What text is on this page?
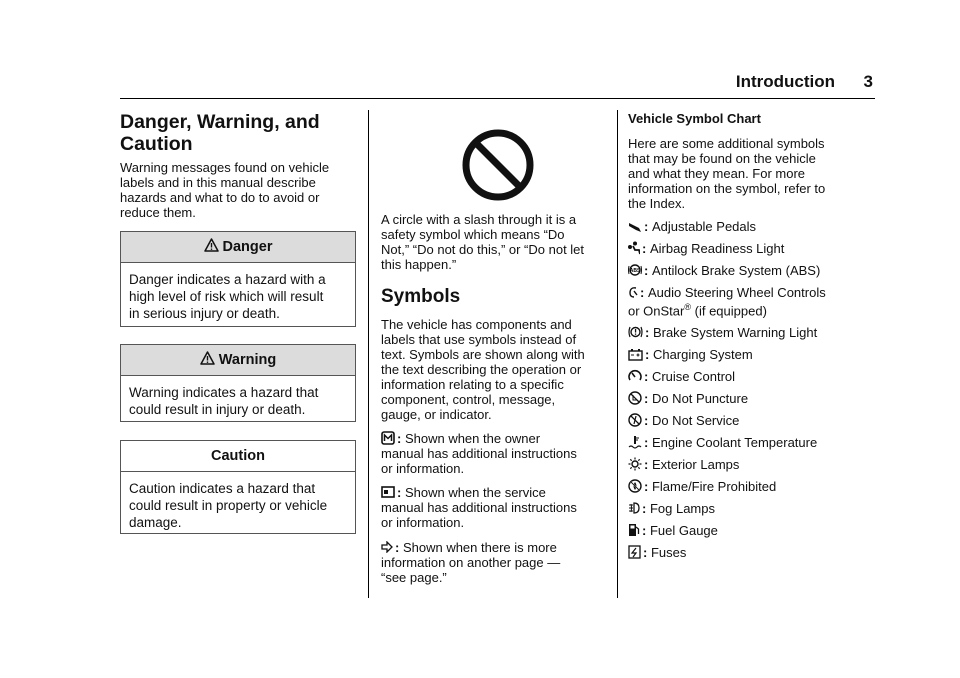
Introduction 3
Danger, Warning, and
Caution

Warning messages found on vehicle

labels and in this manual describe

hazards and what to do to avoid or

reduce them.

Danger
Danger indicates a hazard with a
high level of risk which will result
in serious injury or death.
Warning
Warning indicates a hazard that
could result in injury or death.
Caution
Caution indicates a hazard that
could result in property or vehicle
damage.

A circle with a slash through it is a

safety symbol which means “Do

Not,” “Do not do this,” or “Do not let

this happen.”

Symbols

The vehicle has components and

labels that use symbols instead of

text. Symbols are shown along with

the text describing the operation or

information relating to a specific

component, control, message,

gauge, or indicator.

: Shown when the owner

manual has additional instructions

or information.

: Shown when the service

manual has additional instructions

or information.

: Shown when there is more

information on another page —

“see page.”

Vehicle Symbol Chart

Here are some additional symbols

that may be found on the vehicle

and what they mean. For more

information on the symbol, refer to

the Index.

: Adjustable Pedals
: Airbag Readiness Light
ABS : Antilock Brake System (ABS)
: Audio Steering Wheel Controls
or OnStar® (if equipped)
: Brake System Warning Light
: Charging System
: Cruise Control
: Do Not Puncture
: Do Not Service
: Engine Coolant Temperature
: Exterior Lamps
: Flame/Fire Prohibited
: Fog Lamps
: Fuel Gauge
: Fuses
